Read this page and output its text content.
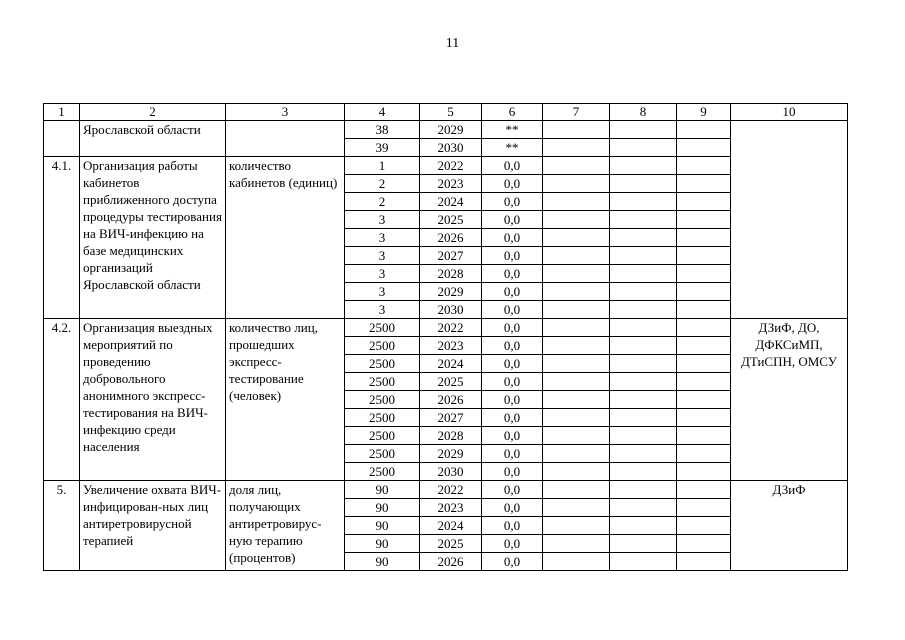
11
1	2	3	4	5	6	7	8	9	10
	Ярославской области		38	2029	**				
			39	2030	**				
4.1.	Организация работы кабинетов приближенного доступа процедуры тестирования на ВИЧ-инфекцию на базе медицинских организаций Ярославской области	количество кабинетов (единиц)	1	2022	0,0				
			2	2023	0,0				
			2	2024	0,0				
			3	2025	0,0				
			3	2026	0,0				
			3	2027	0,0				
			3	2028	0,0				
			3	2029	0,0				
			3	2030	0,0				
4.2.	Организация выездных мероприятий по проведению добровольного анонимного экспресс-тестирования на ВИЧ-инфекцию среди населения	количество лиц, прошедших экспресс-тестирование (человек)	2500	2022	0,0				ДЗиФ, ДО, ДФКСиМП, ДТиСПН, ОМСУ
			2500	2023	0,0				
			2500	2024	0,0				
			2500	2025	0,0				
			2500	2026	0,0				
			2500	2027	0,0				
			2500	2028	0,0				
			2500	2029	0,0				
			2500	2030	0,0				
5.	Увеличение охвата ВИЧ-инфицирован-ных лиц антиретровирусной терапией	доля лиц, получающих антиретровирус-ную терапию (процентов)	90	2022	0,0				ДЗиФ
			90	2023	0,0				
			90	2024	0,0				
			90	2025	0,0				
			90	2026	0,0				
